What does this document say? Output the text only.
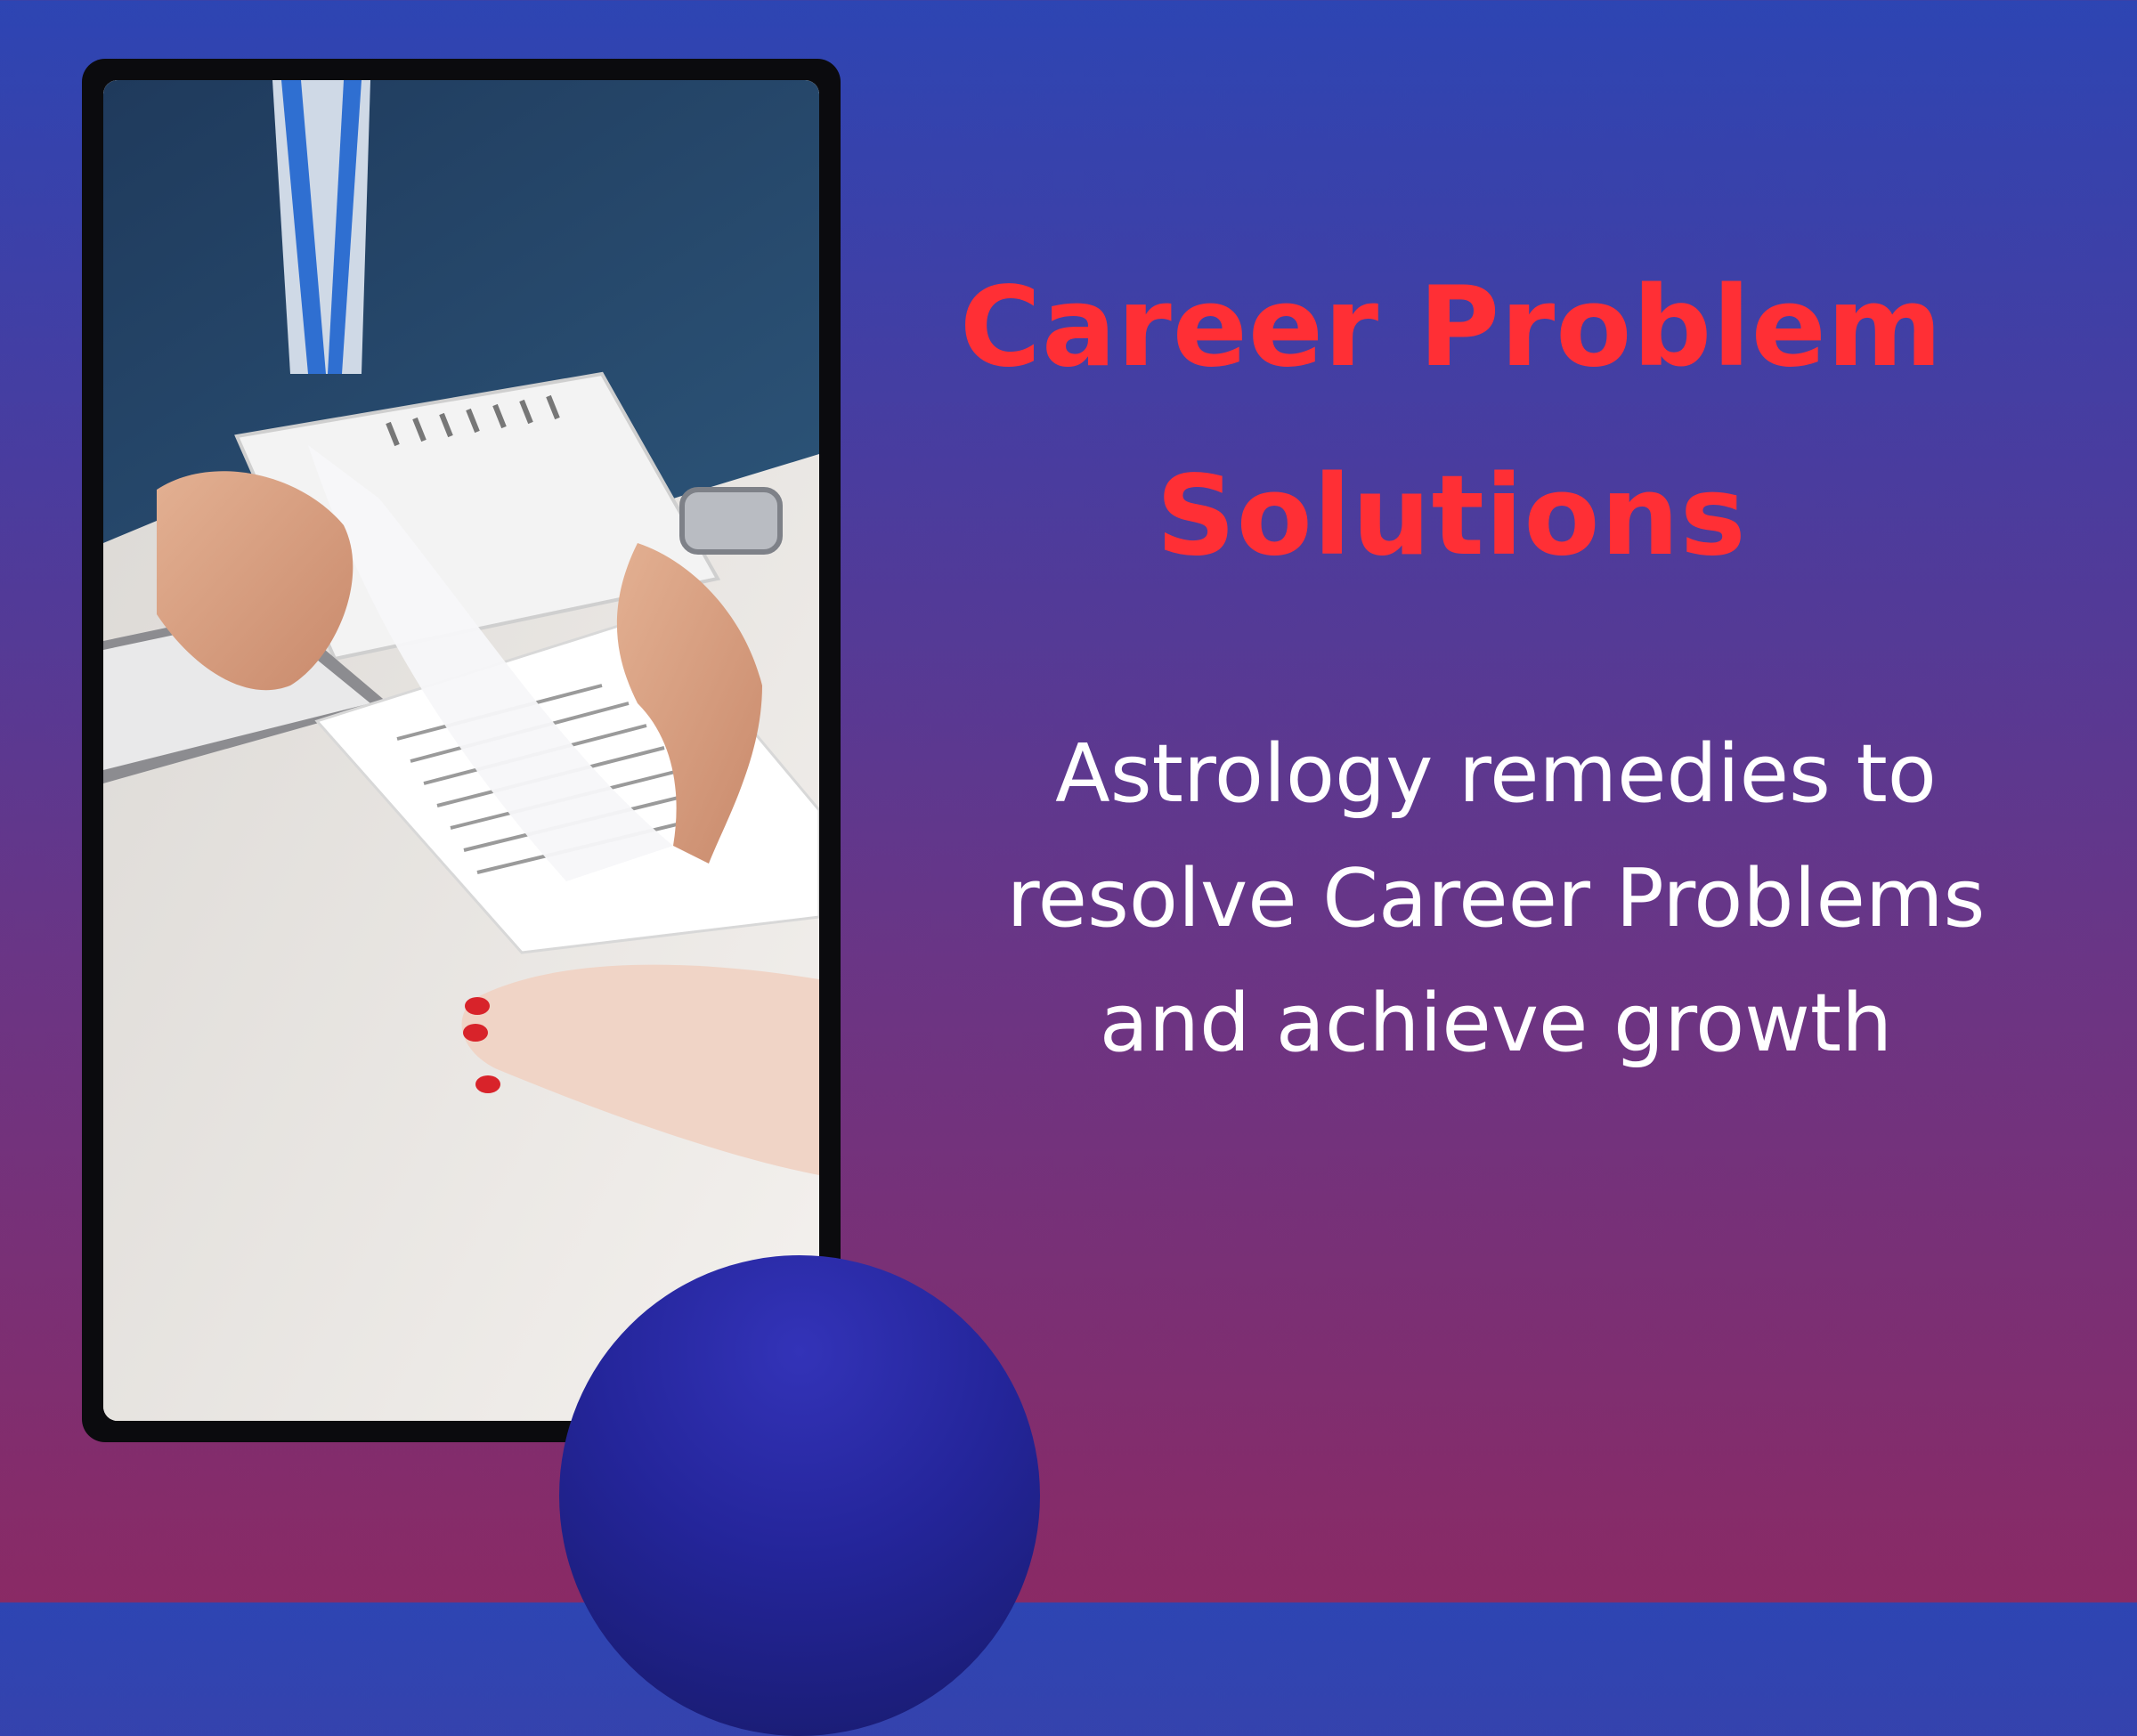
Career Problem
Solutions
Astrology remedies to
resolve Career Problems
and achieve growth
